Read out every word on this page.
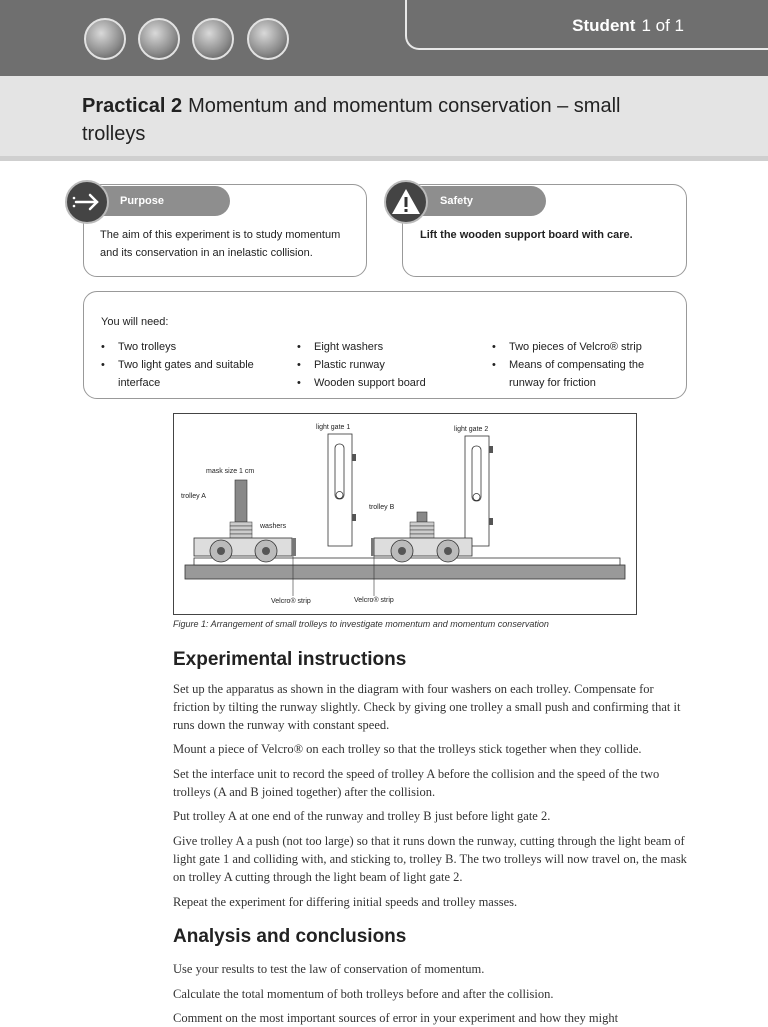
Student 1 of 1
Practical 2 Momentum and momentum conservation – small trolleys
Purpose
The aim of this experiment is to study momentum
and its conservation in an inelastic collision.
Safety
Lift the wooden support board with care.
You will need:
• Two trolleys
• Two light gates and suitable interface
• Eight washers
• Plastic runway
• Wooden support board
• Two pieces of Velcro® strip
• Means of compensating the runway for friction
light gate 1	light gate 2
mask size 1 cm
trolley A
trolley B
washers
Velcro® strip	Velcro® strip
Figure 1: Arrangement of small trolleys to investigate momentum and momentum conservation
Experimental instructions

Set up the apparatus as shown in the diagram with four washers on each trolley. Compensate for friction by tilting the runway slightly. Check by giving one trolley a small push and confirming that it runs down the runway with constant speed.

Mount a piece of Velcro® on each trolley so that the trolleys stick together when they collide.

Set the interface unit to record the speed of trolley A before the collision and the speed of the two trolleys (A and B joined together) after the collision.

Put trolley A at one end of the runway and trolley B just before light gate 2.

Give trolley A a push (not too large) so that it runs down the runway, cutting through the light beam of light gate 1 and colliding with, and sticking to, trolley B. The two trolleys will now travel on, the mask on trolley A cutting through the light beam of light gate 2.

Repeat the experiment for differing initial speeds and trolley masses.

Analysis and conclusions

Use your results to test the law of conservation of momentum.

Calculate the total momentum of both trolleys before and after the collision.

Comment on the most important sources of error in your experiment and how they might
